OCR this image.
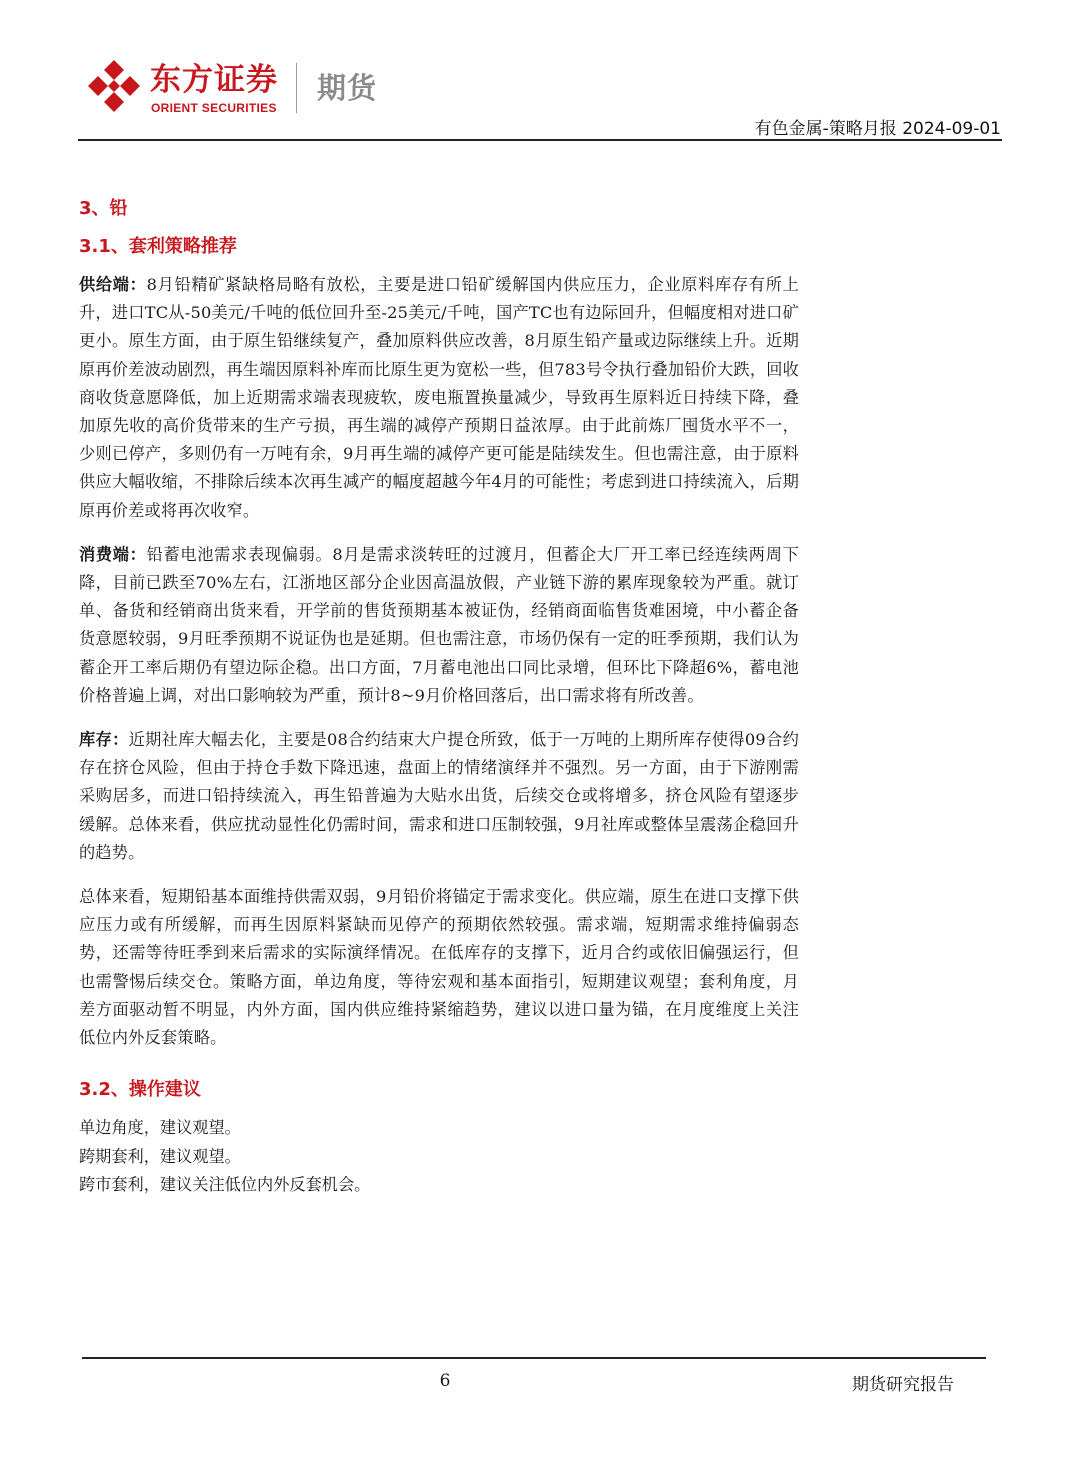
东方证券
ORIENT SECURITIES
期货
有色金属-策略月报 2024-09-01
3、铅
3.1、套利策略推荐

供给端：8月铅精矿紧缺格局略有放松，主要是进口铅矿缓解国内供应压力，企业原料库存有所上升，进口TC从-50美元/千吨的低位回升至-25美元/千吨，国产TC也有边际回升，但幅度相对进口矿更小。原生方面，由于原生铅继续复产，叠加原料供应改善，8月原生铅产量或边际继续上升。近期原再价差波动剧烈，再生端因原料补库而比原生更为宽松一些，但783号令执行叠加铅价大跌，回收商收货意愿降低，加上近期需求端表现疲软，废电瓶置换量减少，导致再生原料近日持续下降，叠加原先收的高价货带来的生产亏损，再生端的减停产预期日益浓厚。由于此前炼厂囤货水平不一，少则已停产，多则仍有一万吨有余，9月再生端的减停产更可能是陆续发生。但也需注意，由于原料供应大幅收缩，不排除后续本次再生减产的幅度超越今年4月的可能性；考虑到进口持续流入，后期原再价差或将再次收窄。

消费端：铅蓄电池需求表现偏弱。8月是需求淡转旺的过渡月，但蓄企大厂开工率已经连续两周下降，目前已跌至70%左右，江浙地区部分企业因高温放假，产业链下游的累库现象较为严重。就订单、备货和经销商出货来看，开学前的售货预期基本被证伪，经销商面临售货难困境，中小蓄企备货意愿较弱，9月旺季预期不说证伪也是延期。但也需注意，市场仍保有一定的旺季预期，我们认为蓄企开工率后期仍有望边际企稳。出口方面，7月蓄电池出口同比录增，但环比下降超6%，蓄电池价格普遍上调，对出口影响较为严重，预计8~9月价格回落后，出口需求将有所改善。

库存：近期社库大幅去化，主要是08合约结束大户提仓所致，低于一万吨的上期所库存使得09合约存在挤仓风险，但由于持仓手数下降迅速，盘面上的情绪演绎并不强烈。另一方面，由于下游刚需采购居多，而进口铅持续流入，再生铅普遍为大贴水出货，后续交仓或将增多，挤仓风险有望逐步缓解。总体来看，供应扰动显性化仍需时间，需求和进口压制较强，9月社库或整体呈震荡企稳回升的趋势。

总体来看，短期铅基本面维持供需双弱，9月铅价将锚定于需求变化。供应端，原生在进口支撑下供应压力或有所缓解，而再生因原料紧缺而见停产的预期依然较强。需求端，短期需求维持偏弱态势，还需等待旺季到来后需求的实际演绎情况。在低库存的支撑下，近月合约或依旧偏强运行，但也需警惕后续交仓。策略方面，单边角度，等待宏观和基本面指引，短期建议观望；套利角度，月差方面驱动暂不明显，内外方面，国内供应维持紧缩趋势，建议以进口量为锚，在月度维度上关注低位内外反套策略。

3.2、操作建议
单边角度，建议观望。
跨期套利，建议观望。
跨市套利，建议关注低位内外反套机会。
6	期货研究报告
